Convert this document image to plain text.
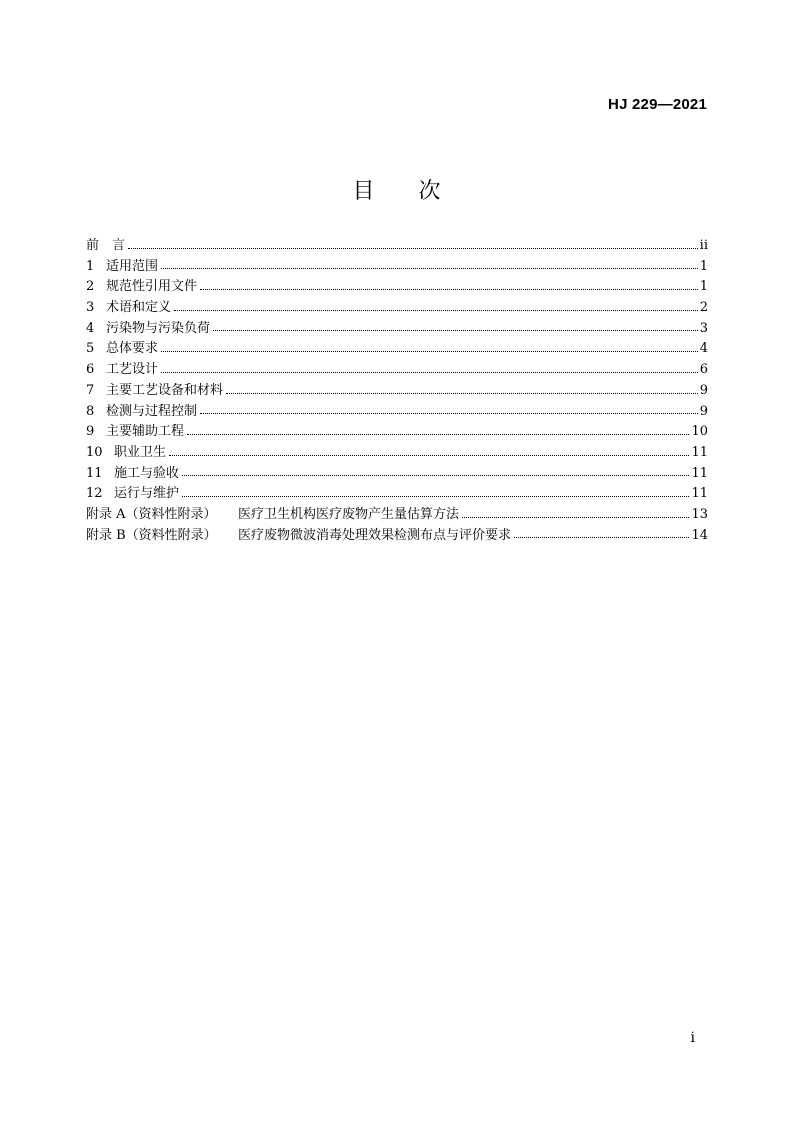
HJ 229—2021
目　　次
前　言	ii
1 适用范围	1
2 规范性引用文件	1
3 术语和定义	2
4 污染物与污染负荷	3
5 总体要求	4
6 工艺设计	6
7 主要工艺设备和材料	9
8 检测与过程控制	9
9 主要辅助工程	10
10 职业卫生	11
11 施工与验收	11
12 运行与维护	11
附录 A（资料性附录）	医疗卫生机构医疗废物产生量估算方法	13
附录 B（资料性附录）	医疗废物微波消毒处理效果检测布点与评价要求	14
i
